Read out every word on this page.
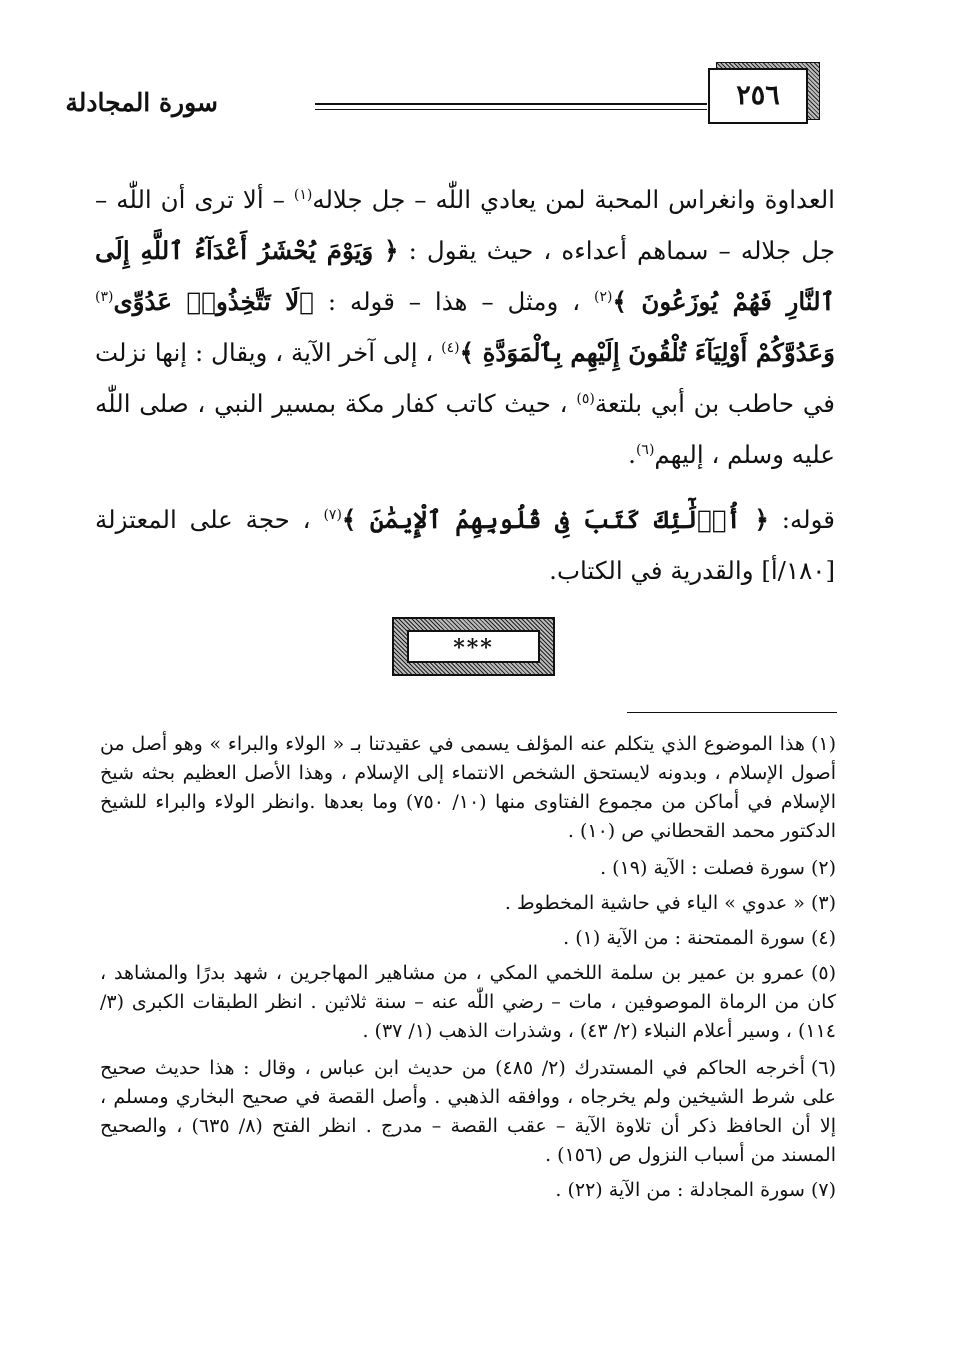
سورة المجادلة	٢٥٦

العداوة وانغراس المحبة لمن يعادي اللّٰه – جل جلاله$^{(١)}$ – ألا ترى أن اللّٰه – جل جلاله – سماهم أعداءه ، حيث يقول : ﴿ وَيَوْمَ يُحْشَرُ أَعْدَآءُ ٱللَّهِ إِلَى ٱلنَّارِ فَهُمْ يُوزَعُونَ ﴾$^{(٢)}$ ، ومثل – هذا – قوله : ﴿لَا تَتَّخِذُوا۟ عَدُوِّى$^{(٣)}$ وَعَدُوَّكُمْ أَوْلِيَآءَ تُلْقُونَ إِلَيْهِم بِٱلْمَوَدَّةِ ﴾$^{(٤)}$ ، إلى آخر الآية ، ويقال : إنها نزلت في حاطب بن أبي بلتعة$^{(٥)}$ ، حيث كاتب كفار مكة بمسير النبي ، صلى اللّٰه عليه وسلم ، إليهم$^{(٦)}$.

قوله: ﴿ أُو۟لَٰٓئِكَ كَتَبَ فِى قُلُوبِهِمُ ٱلْإِيمَٰنَ ﴾$^{(٧)}$ ، حجة على المعتزلة [١٨٠/أ] والقدرية في الكتاب.

***

(١)هذا الموضوع الذي يتكلم عنه المؤلف يسمى في عقيدتنا بـ « الولاء والبراء » وهو أصل من أصول الإسلام ، وبدونه لايستحق الشخص الانتماء إلى الإسلام ، وهذا الأصل العظيم بحثه شيخ الإسلام في أماكن من مجموع الفتاوى منها (١٠/ ٧٥٠) وما بعدها .وانظر الولاء والبراء للشيخ الدكتور محمد القحطاني ص (١٠) .

(٢)سورة فصلت : الآية (١٩) .

(٣)« عدوي » الياء في حاشية المخطوط .

(٤)سورة الممتحنة : من الآية (١) .

(٥)عمرو بن عمير بن سلمة اللخمي المكي ، من مشاهير المهاجرين ، شهد بدرًا والمشاهد ، كان من الرماة الموصوفين ، مات – رضي اللّٰه عنه – سنة ثلاثين . انظر الطبقات الكبرى (٣/ ١١٤) ، وسير أعلام النبلاء (٢/ ٤٣) ، وشذرات الذهب (١/ ٣٧) .

(٦)أخرجه الحاكم في المستدرك (٢/ ٤٨٥) من حديث ابن عباس ، وقال : هذا حديث صحيح على شرط الشيخين ولم يخرجاه ، ووافقه الذهبي . وأصل القصة في صحيح البخاري ومسلم ، إلا أن الحافظ ذكر أن تلاوة الآية – عقب القصة – مدرج . انظر الفتح (٨/ ٦٣٥) ، والصحيح المسند من أسباب النزول ص (١٥٦) .

(٧)سورة المجادلة : من الآية (٢٢) .
